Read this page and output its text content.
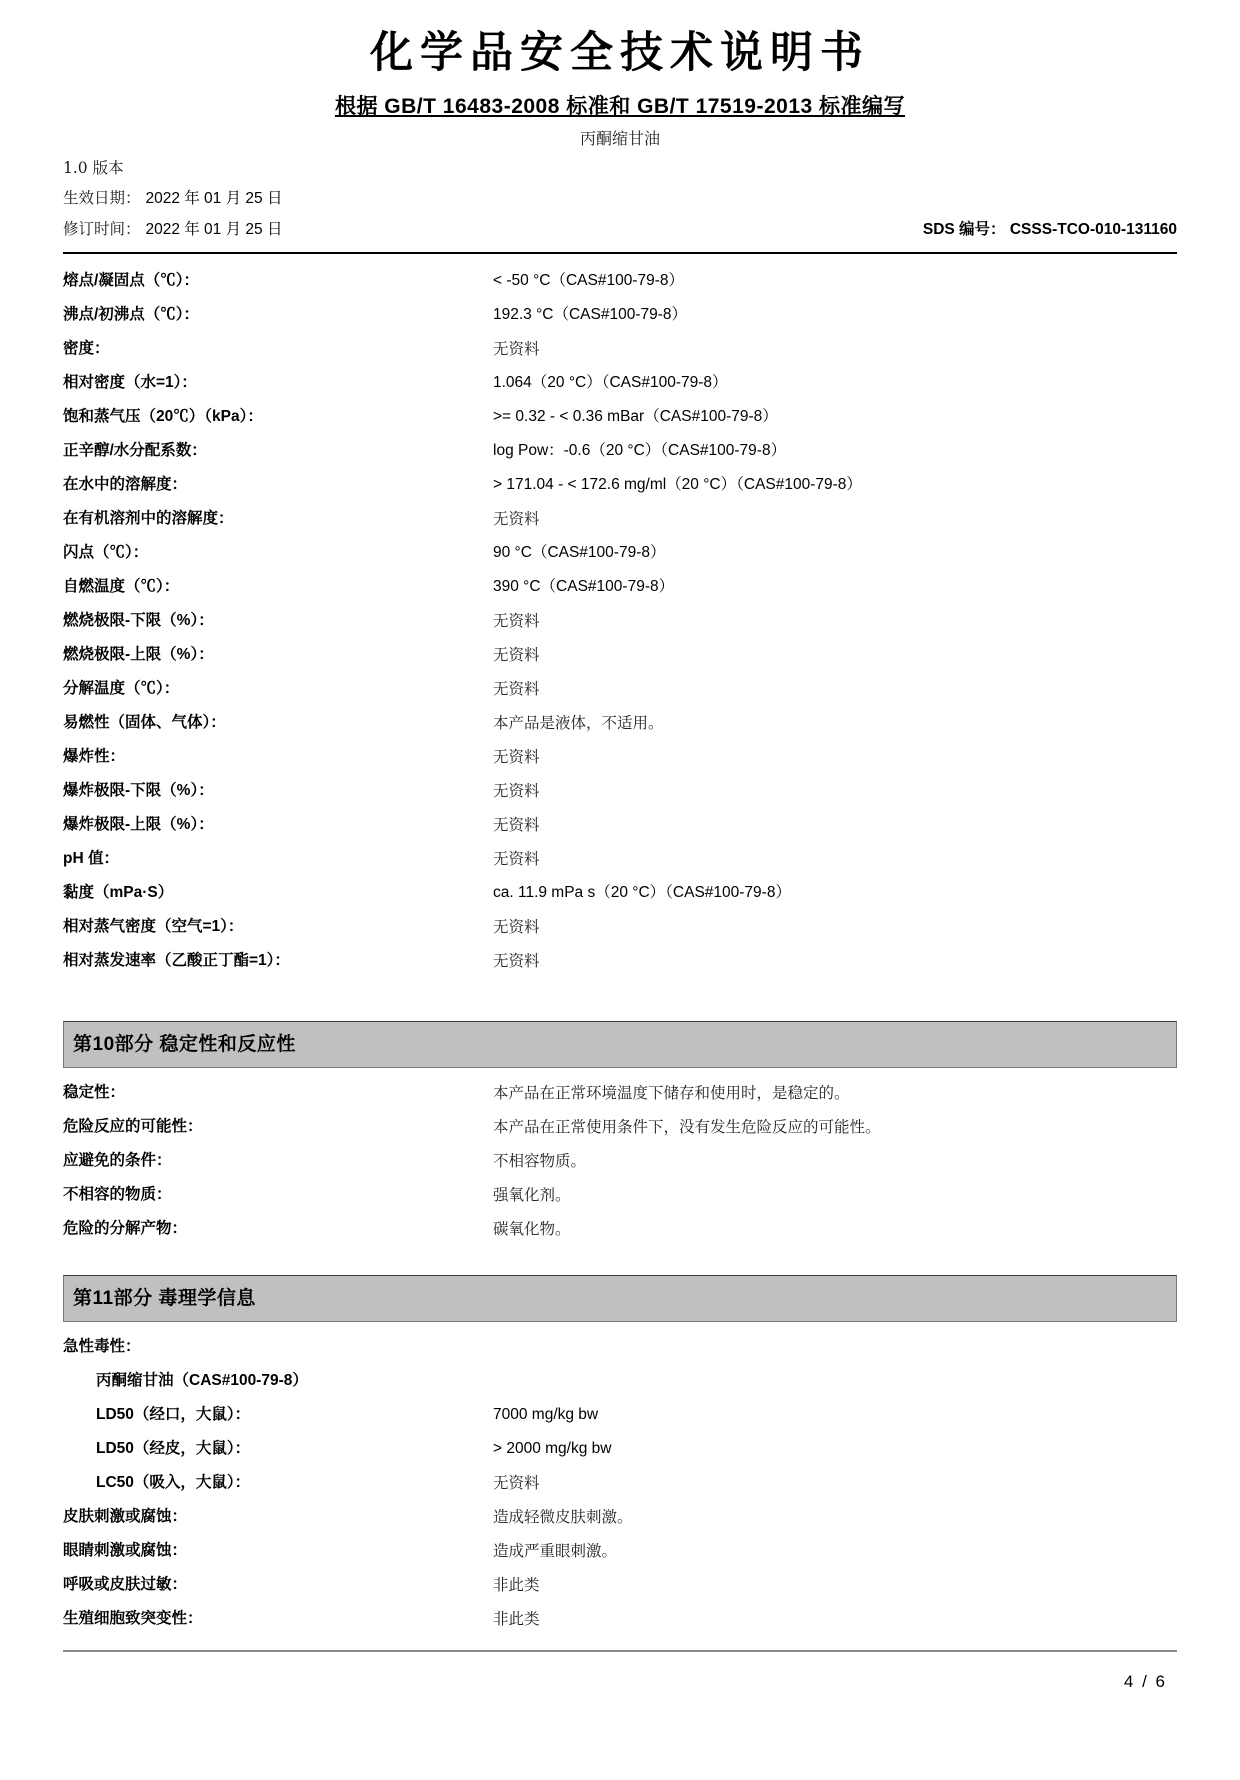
化学品安全技术说明书
根据 GB/T 16483-2008 标准和 GB/T 17519-2013 标准编写
丙酮缩甘油
1.0 版本
生效日期： 2022 年 01 月 25 日
修订时间： 2022 年 01 月 25 日	SDS 编号： CSSS-TCO-010-131160
熔点/凝固点（℃）：	< -50 °C（CAS#100-79-8）
沸点/初沸点（℃）：	192.3 °C（CAS#100-79-8）
密度：	无资料
相对密度（水=1）：	1.064（20 °C）（CAS#100-79-8）
饱和蒸气压（20℃）（kPa）：	>= 0.32 - < 0.36 mBar（CAS#100-79-8）
正辛醇/水分配系数：	log Pow：-0.6（20 °C）（CAS#100-79-8）
在水中的溶解度：	> 171.04 - < 172.6 mg/ml（20 °C）（CAS#100-79-8）
在有机溶剂中的溶解度：	无资料
闪点（℃）：	90 °C（CAS#100-79-8）
自燃温度（℃）：	390 °C（CAS#100-79-8）
燃烧极限-下限（%）：	无资料
燃烧极限-上限（%）：	无资料
分解温度（℃）：	无资料
易燃性（固体、气体）：	本产品是液体，不适用。
爆炸性：	无资料
爆炸极限-下限（%）：	无资料
爆炸极限-上限（%）：	无资料
pH 值：	无资料
黏度（mPa·S）	ca. 11.9 mPa s（20 °C）（CAS#100-79-8）
相对蒸气密度（空气=1）：	无资料
相对蒸发速率（乙酸正丁酯=1）：	无资料
第10部分 稳定性和反应性
稳定性：	本产品在正常环境温度下储存和使用时，是稳定的。
危险反应的可能性：	本产品在正常使用条件下，没有发生危险反应的可能性。
应避免的条件：	不相容物质。
不相容的物质：	强氧化剂。
危险的分解产物：	碳氧化物。
第11部分 毒理学信息
急性毒性：
丙酮缩甘油（CAS#100-79-8）
LD50（经口，大鼠）：	7000 mg/kg bw
LD50（经皮，大鼠）：	> 2000 mg/kg bw
LC50（吸入，大鼠）：	无资料
皮肤刺激或腐蚀：	造成轻微皮肤刺激。
眼睛刺激或腐蚀：	造成严重眼刺激。
呼吸或皮肤过敏：	非此类
生殖细胞致突变性：	非此类
4 / 6
